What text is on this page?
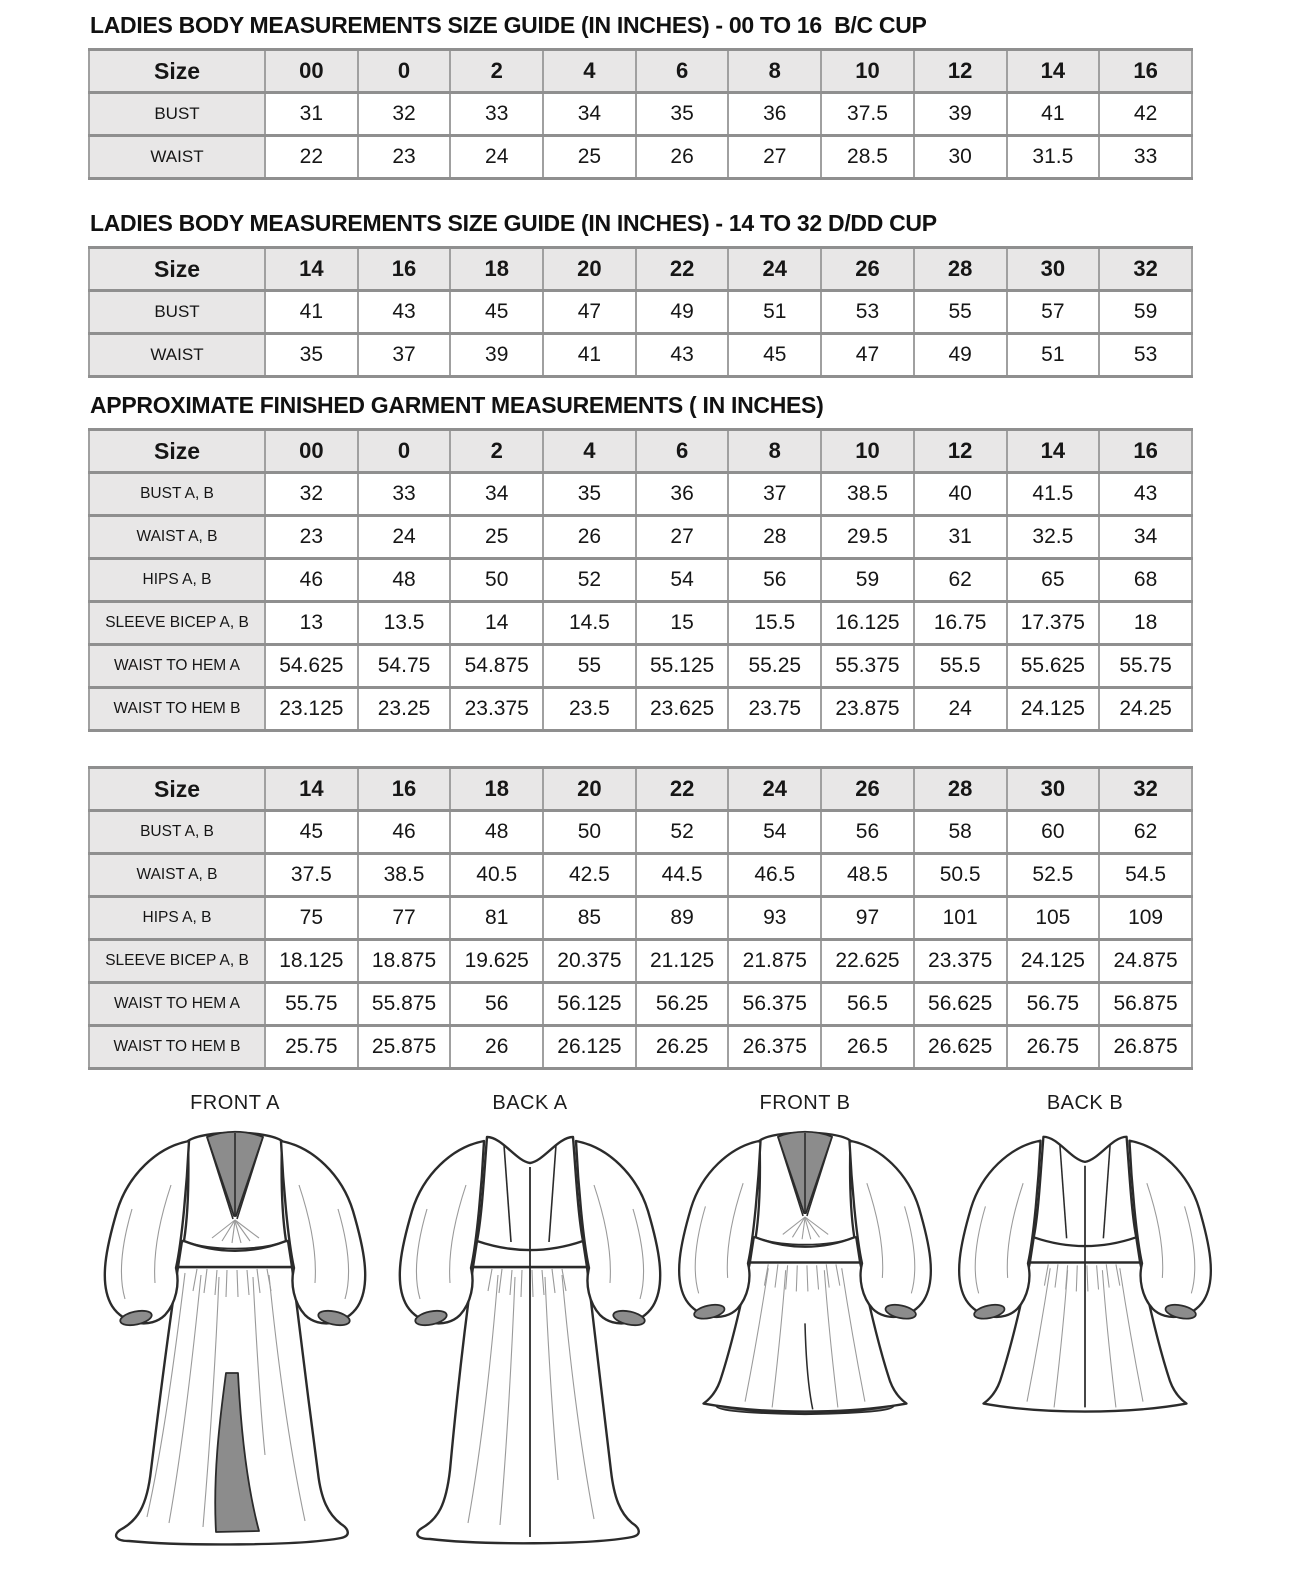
LADIES BODY MEASUREMENTS SIZE GUIDE (IN INCHES) - 00 TO 16  B/C CUP
Size	00	0	2	4	6	8	10	12	14	16
BUST	31	32	33	34	35	36	37.5	39	41	42
WAIST	22	23	24	25	26	27	28.5	30	31.5	33
LADIES BODY MEASUREMENTS SIZE GUIDE (IN INCHES) - 14 TO 32 D/DD CUP
Size	14	16	18	20	22	24	26	28	30	32
BUST	41	43	45	47	49	51	53	55	57	59
WAIST	35	37	39	41	43	45	47	49	51	53
APPROXIMATE FINISHED GARMENT MEASUREMENTS ( IN INCHES)
Size	00	0	2	4	6	8	10	12	14	16
BUST A, B	32	33	34	35	36	37	38.5	40	41.5	43
WAIST A, B	23	24	25	26	27	28	29.5	31	32.5	34
HIPS A, B	46	48	50	52	54	56	59	62	65	68
SLEEVE BICEP A, B	13	13.5	14	14.5	15	15.5	16.125	16.75	17.375	18
WAIST TO HEM A	54.625	54.75	54.875	55	55.125	55.25	55.375	55.5	55.625	55.75
WAIST TO HEM B	23.125	23.25	23.375	23.5	23.625	23.75	23.875	24	24.125	24.25
Size	14	16	18	20	22	24	26	28	30	32
BUST A, B	45	46	48	50	52	54	56	58	60	62
WAIST A, B	37.5	38.5	40.5	42.5	44.5	46.5	48.5	50.5	52.5	54.5
HIPS A, B	75	77	81	85	89	93	97	101	105	109
SLEEVE BICEP A, B	18.125	18.875	19.625	20.375	21.125	21.875	22.625	23.375	24.125	24.875
WAIST TO HEM A	55.75	55.875	56	56.125	56.25	56.375	56.5	56.625	56.75	56.875
WAIST TO HEM B	25.75	25.875	26	26.125	26.25	26.375	26.5	26.625	26.75	26.875
FRONT A	BACK A	FRONT B	BACK B
